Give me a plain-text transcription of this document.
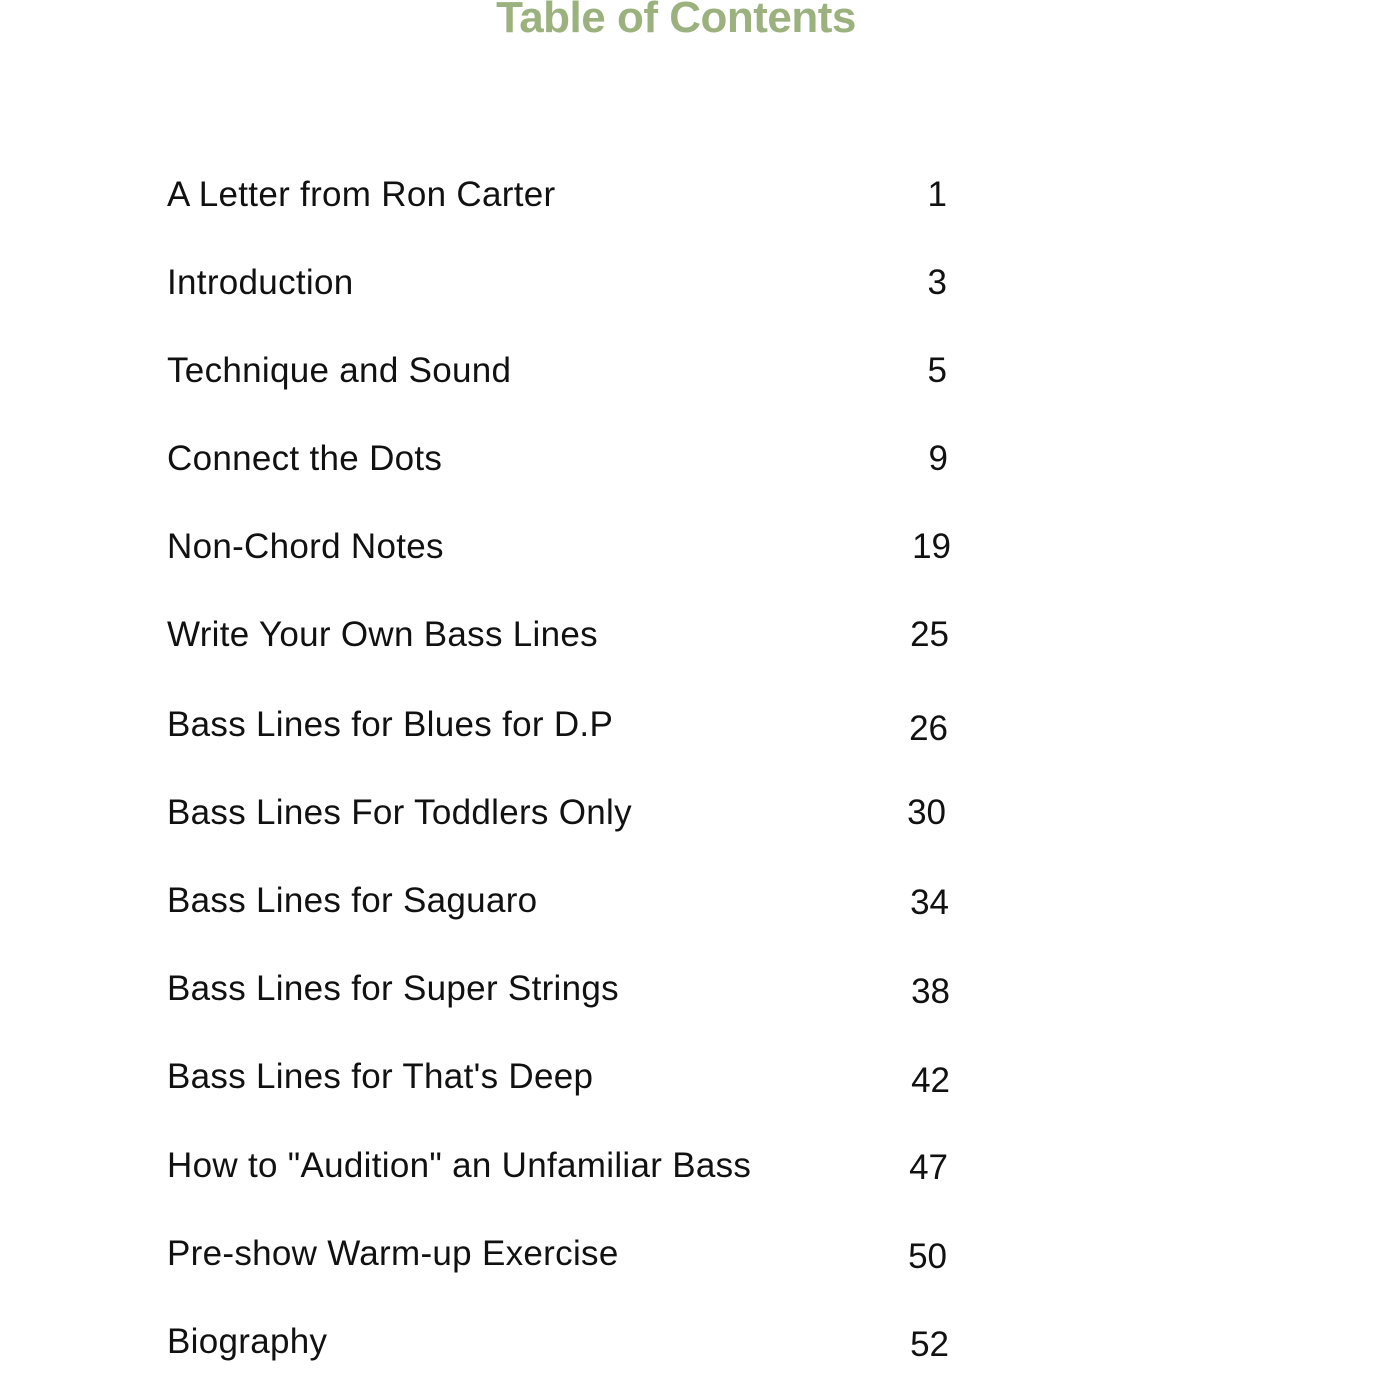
Table of Contents
A Letter from Ron Carter	1
Introduction	3
Technique and Sound	5
Connect the Dots	9
Non-Chord Notes	19
Write Your Own Bass Lines	25
Bass Lines for Blues for D.P	26
Bass Lines For Toddlers Only	30
Bass Lines for Saguaro	34
Bass Lines for Super Strings	38
Bass Lines for That's Deep	42
How to "Audition" an Unfamiliar Bass	47
Pre-show Warm-up Exercise	50
Biography	52
